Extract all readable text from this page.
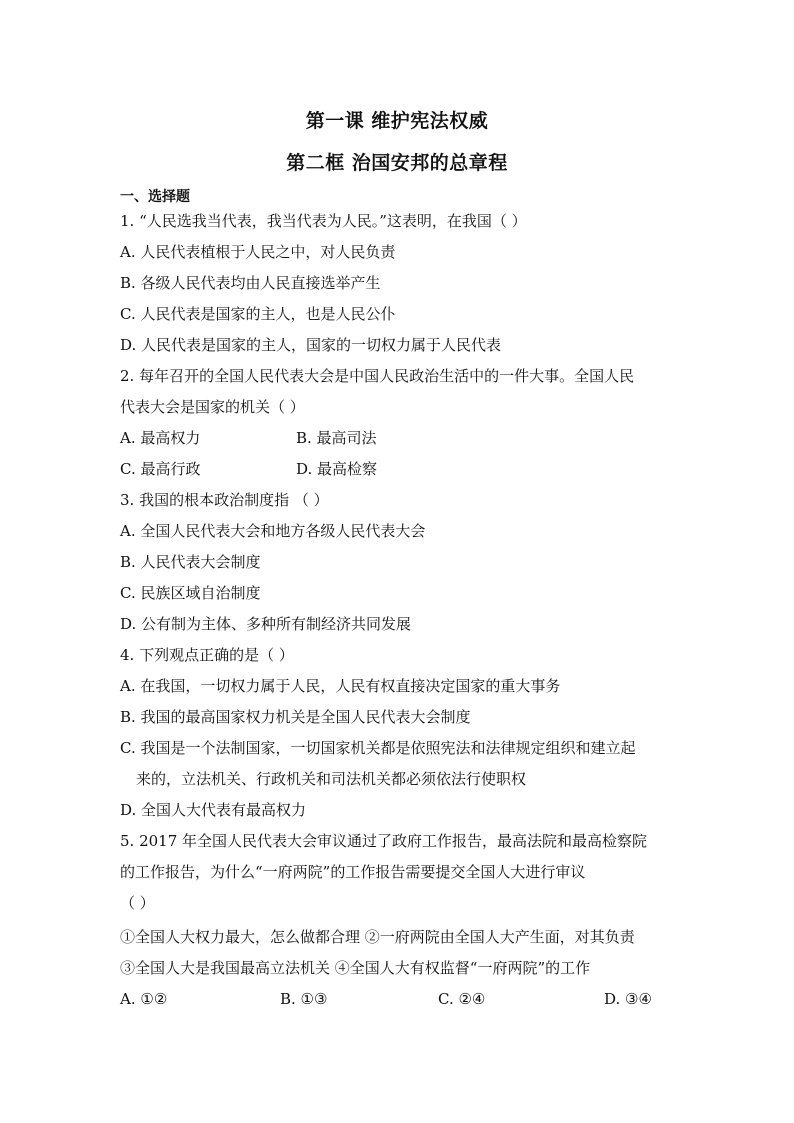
第一课 维护宪法权威
第二框 治国安邦的总章程
一、选择题
1. “人民选我当代表，我当代表为人民。”这表明，在我国（ ）
A. 人民代表植根于人民之中，对人民负责
B. 各级人民代表均由人民直接选举产生
C. 人民代表是国家的主人，也是人民公仆
D. 人民代表是国家的主人，国家的一切权力属于人民代表
2. 每年召开的全国人民代表大会是中国人民政治生活中的一件大事。全国人民
代表大会是国家的机关（ ）
A. 最高权力	B. 最高司法
C. 最高行政	D. 最高检察
3. 我国的根本政治制度指 （ ）
A. 全国人民代表大会和地方各级人民代表大会
B. 人民代表大会制度
C. 民族区域自治制度
D. 公有制为主体、多种所有制经济共同发展
4. 下列观点正确的是（ ）
A. 在我国，一切权力属于人民，人民有权直接决定国家的重大事务
B. 我国的最高国家权力机关是全国人民代表大会制度
C. 我国是一个法制国家，一切国家机关都是依照宪法和法律规定组织和建立起
来的，立法机关、行政机关和司法机关都必须依法行使职权
D. 全国人大代表有最高权力
5. 2017 年全国人民代表大会审议通过了政府工作报告，最高法院和最高检察院
的工作报告，为什么“一府两院”的工作报告需要提交全国人大进行审议
（ ）
①全国人大权力最大，怎么做都合理 ②一府两院由全国人大产生面，对其负责
③全国人大是我国最高立法机关 ④全国人大有权监督“一府两院”的工作
A. ①②	B. ①③	C. ②④	D. ③④
